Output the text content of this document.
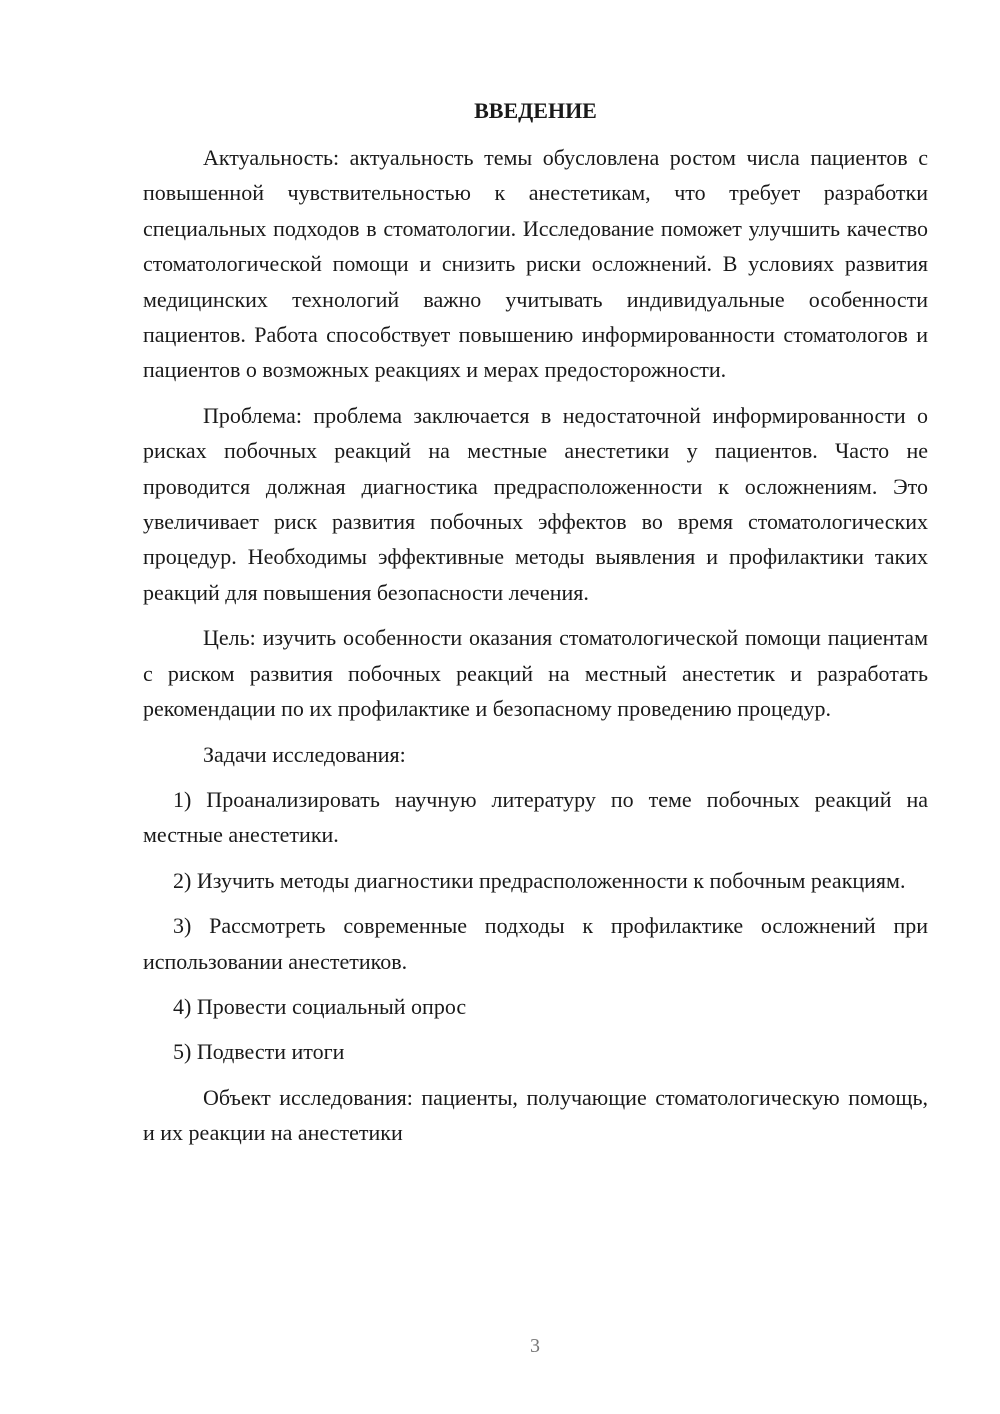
ВВЕДЕНИЕ

Актуальность: актуальность темы обусловлена ростом числа пациентов с повышенной чувствительностью к анестетикам, что требует разработки специальных подходов в стоматологии. Исследование поможет улучшить качество стоматологической помощи и снизить риски осложнений. В условиях развития медицинских технологий важно учитывать индивидуальные особенности пациентов. Работа способствует повышению информированности стоматологов и пациентов о возможных реакциях и мерах предосторожности.

Проблема: проблема заключается в недостаточной информированности о рисках побочных реакций на местные анестетики у пациентов. Часто не проводится должная диагностика предрасположенности к осложнениям. Это увеличивает риск развития побочных эффектов во время стоматологических процедур. Необходимы эффективные методы выявления и профилактики таких реакций для повышения безопасности лечения.

Цель: изучить особенности оказания стоматологической помощи пациентам с риском развития побочных реакций на местный анестетик и разработать рекомендации по их профилактике и безопасному проведению процедур.

Задачи исследования:

1) Проанализировать научную литературу по теме побочных реакций на местные анестетики.

2) Изучить методы диагностики предрасположенности к побочным реакциям.

3) Рассмотреть современные подходы к профилактике осложнений при использовании анестетиков.

4) Провести социальный опрос

5) Подвести итоги

Объект исследования: пациенты, получающие стоматологическую помощь, и их реакции на анестетики

3
